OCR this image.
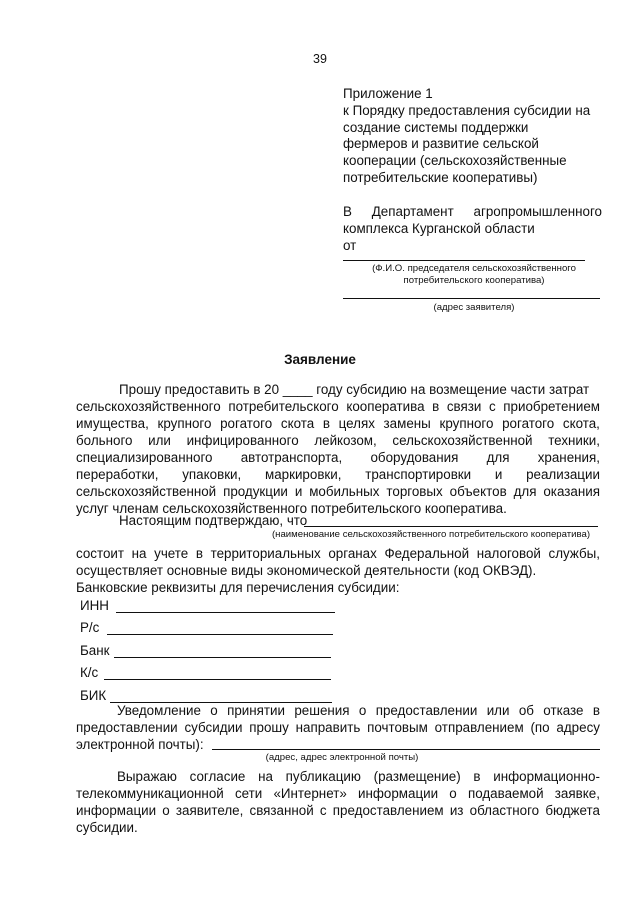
39
Приложение 1
к Порядку предоставления субсидии на
создание системы поддержки
фермеров и развитие сельской
кооперации (сельскохозяйственные
потребительские кооперативы)
В Департамент агропромышленного
комплекса Курганской области
от
(Ф.И.О. председателя сельскохозяйственного
потребительского кооператива)
(адрес заявителя)
Заявление
Прошу предоставить в 20 ____ году субсидию на возмещение части затрат
сельскохозяйственного потребительского кооператива в связи с приобретением
имущества, крупного рогатого скота в целях замены крупного рогатого скота,
больного или инфицированного лейкозом, сельскохозяйственной техники,
специализированного автотранспорта, оборудования для хранения,
переработки, упаковки, маркировки, транспортировки и реализации
сельскохозяйственной продукции и мобильных торговых объектов для оказания
услуг членам сельскохозяйственного потребительского кооператива.
Настоящим подтверждаю, что
(наименование сельскохозяйственного потребительского кооператива)
состоит на учете в территориальных органах Федеральной налоговой службы,
осуществляет основные виды экономической деятельности (код ОКВЭД).
Банковские реквизиты для перечисления субсидии:
ИНН
Р/с
Банк
К/с
БИК
Уведомление о принятии решения о предоставлении или об отказе в
предоставлении субсидии прошу направить почтовым отправлением (по адресу
электронной почты):
(адрес, адрес электронной почты)
Выражаю согласие на публикацию (размещение) в информационно-
телекоммуникационной сети «Интернет» информации о подаваемой заявке,
информации о заявителе, связанной с предоставлением из областного бюджета
субсидии.
